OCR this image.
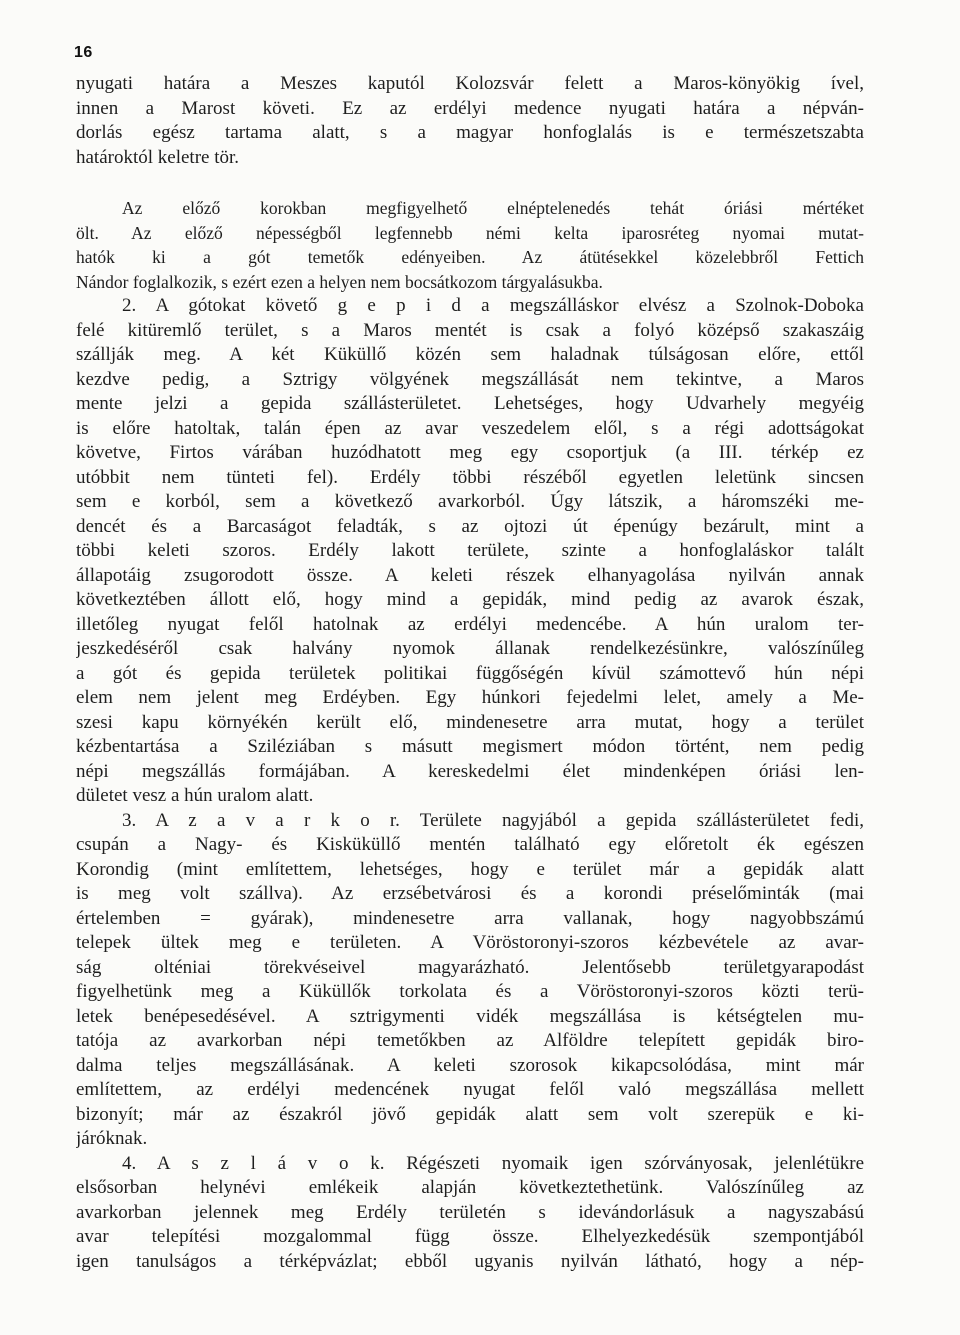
16
nyugati határa a Meszes kaputól Kolozsvár felett a Maros-könyökig ível,
innen a Marost követi. Ez az erdélyi medence nyugati határa a népván-
dorlás egész tartama alatt, s a magyar honfoglalás is e természetszabta
határoktól keletre tör.
Az előző korokban megfigyelhető elnéptelenedés tehát óriási mértéket
ölt. Az előző népességből legfennebb némi kelta iparosréteg nyomai mutat-
hatók ki a gót temetők edényeiben. Az átütésekkel közelebbről Fettich
Nándor foglalkozik, s ezért ezen a helyen nem bocsátkozom tárgyalásukba.
2. A gótokat követő g e p i d a megszálláskor elvész a Szolnok-Doboka
felé kitüremlő terület, s a Maros mentét is csak a folyó középső szakaszáig
szállják meg. A két Küküllő közén sem haladnak túlságosan előre, ettől
kezdve pedig, a Sztrigy völgyének megszállását nem tekintve, a Maros
mente jelzi a gepida szállásterületet. Lehetséges, hogy Udvarhely megyéig
is előre hatoltak, talán épen az avar veszedelem elől, s a régi adottságokat
követve, Firtos várában huzódhatott meg egy csoportjuk (a III. térkép ez
utóbbit nem tünteti fel). Erdély többi részéből egyetlen leletünk sincsen
sem e korból, sem a következő avarkorból. Úgy látszik, a háromszéki me-
dencét és a Barcaságot feladták, s az ojtozi út épenúgy bezárult, mint a
többi keleti szoros. Erdély lakott területe, szinte a honfoglaláskor talált
állapotáig zsugorodott össze. A keleti részek elhanyagolása nyilván annak
következtében állott elő, hogy mind a gepidák, mind pedig az avarok észak,
illetőleg nyugat felől hatolnak az erdélyi medencébe. A hún uralom ter-
jeszkedéséről csak halvány nyomok állanak rendelkezésünkre, valószínűleg
a gót és gepida területek politikai függőségén kívül számottevő hún népi
elem nem jelent meg Erdéyben. Egy húnkori fejedelmi lelet, amely a Me-
szesi kapu környékén került elő, mindenesetre arra mutat, hogy a terület
kézbentartása a Sziléziában s másutt megismert módon történt, nem pedig
népi megszállás formájában. A kereskedelmi élet mindenképen óriási len-
dületet vesz a hún uralom alatt.
3. A z a v a r k o r. Területe nagyjából a gepida szállásterületet fedi,
csupán a Nagy- és Kisküküllő mentén található egy előretolt ék egészen
Korondig (mint említettem, lehetséges, hogy e terület már a gepidák alatt
is meg volt szállva). Az erzsébetvárosi és a korondi préselőminták (mai
értelemben = gyárak), mindenesetre arra vallanak, hogy nagyobbszámú
telepek ültek meg e területen. A Vöröstoronyi-szoros kézbevétele az avar-
ság olténiai törekvéseivel magyarázható. Jelentősebb területgyarapodást
figyelhetünk meg a Küküllők torkolata és a Vöröstoronyi-szoros közti terü-
letek benépesedésével. A sztrigymenti vidék megszállása is kétségtelen mu-
tatója az avarkorban népi temetőkben az Alföldre telepített gepidák biro-
dalma teljes megszállásának. A keleti szorosok kikapcsolódása, mint már
említettem, az erdélyi medencének nyugat felől való megszállása mellett
bizonyít; már az északról jövő gepidák alatt sem volt szerepük e ki-
járóknak.
4. A s z l á v o k. Régészeti nyomaik igen szórványosak, jelenlétükre
elsősorban helynévi emlékeik alapján következtethetünk. Valószínűleg az
avarkorban jelennek meg Erdély területén s idevándorlásuk a nagyszabású
avar telepítési mozgalommal függ össze. Elhelyezkedésük szempontjából
igen tanulságos a térképvázlat; ebből ugyanis nyilván látható, hogy a nép-
